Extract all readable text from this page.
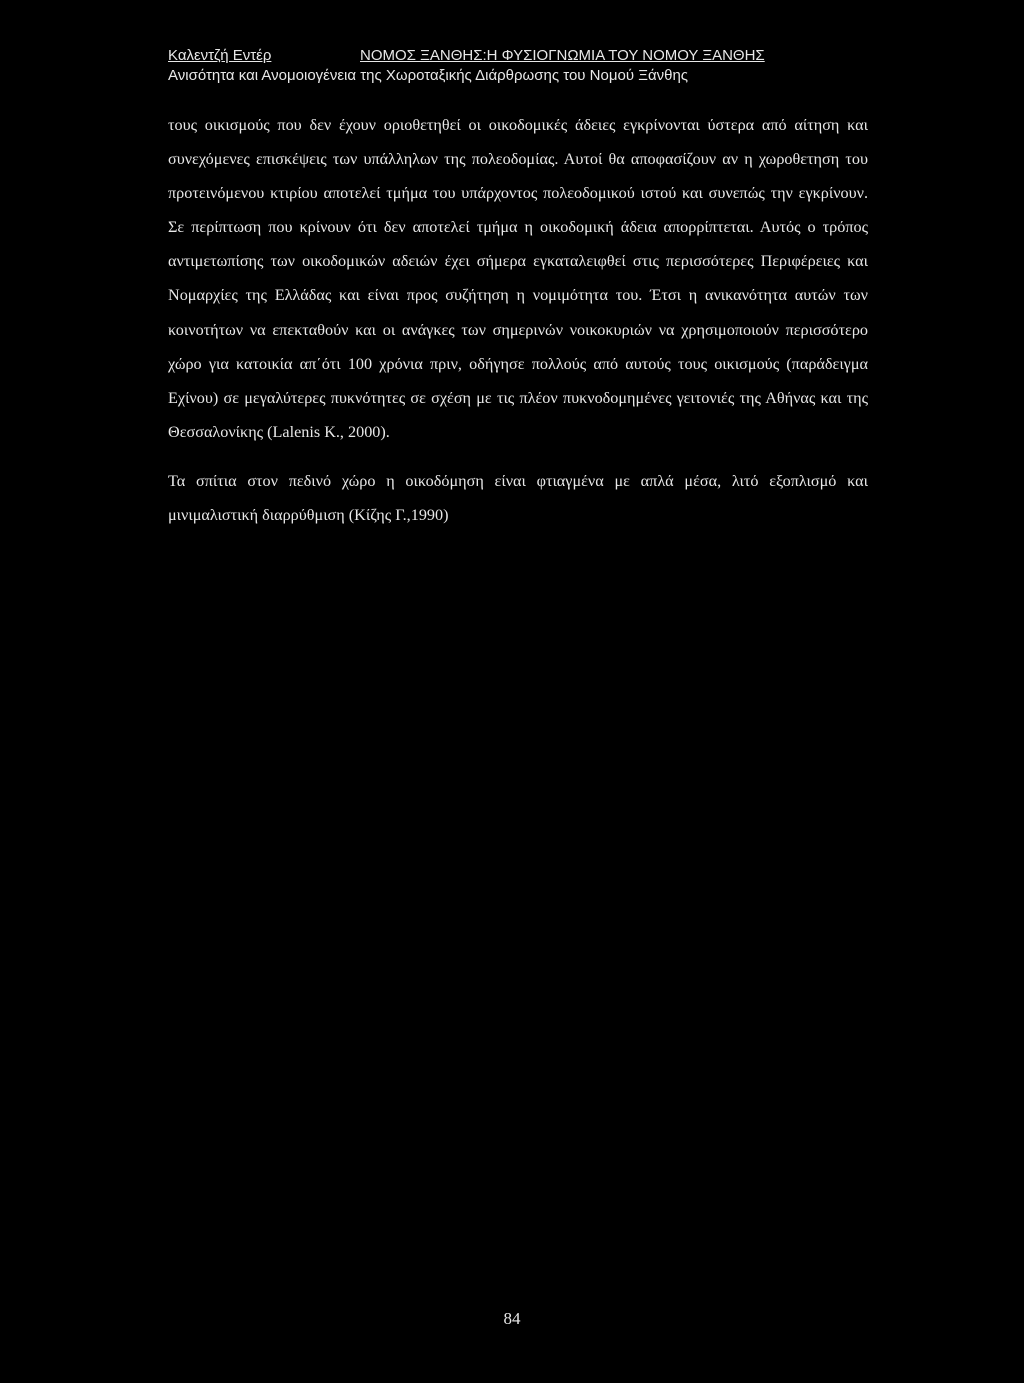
Καλεντζή Εντέρ	ΝΟΜΟΣ ΞΑΝΘΗΣ:Η ΦΥΣΙΟΓΝΩΜΙΑ ΤΟΥ ΝΟΜΟΥ ΞΑΝΘΗΣ
Ανισότητα και Ανομοιογένεια της Χωροταξικής Διάρθρωσης του Νομού Ξάνθης

τους οικισμούς που δεν έχουν οριοθετηθεί οι οικοδομικές άδειες εγκρίνονται ύστερα από αίτηση και συνεχόμενες επισκέψεις των υπάλληλων της πολεοδομίας. Αυτοί θα αποφασίζουν αν η χωροθετηση του προτεινόμενου κτιρίου αποτελεί τμήμα του υπάρχοντος πολεοδομικού ιστού και συνεπώς την εγκρίνουν. Σε περίπτωση που κρίνουν ότι δεν αποτελεί τμήμα η οικοδομική άδεια απορρίπτεται. Αυτός ο τρόπος αντιμετωπίσης των οικοδομικών αδειών έχει σήμερα εγκαταλειφθεί στις περισσότερες Περιφέρειες και Νομαρχίες της Ελλάδας και είναι προς συζήτηση η νομιμότητα του. Έτσι η ανικανότητα αυτών των κοινοτήτων να επεκταθούν και οι ανάγκες των σημερινών νοικοκυριών να χρησιμοποιούν περισσότερο χώρο για κατοικία απ΄ότι 100 χρόνια πριν, οδήγησε πολλούς από αυτούς τους οικισμούς (παράδειγμα Εχίνου) σε μεγαλύτερες πυκνότητες σε σχέση με τις πλέον πυκνοδομημένες γειτονιές της Αθήνας και της Θεσσαλονίκης (Lalenis K., 2000).

Τα σπίτια στον πεδινό χώρο η οικοδόμηση είναι φτιαγμένα με απλά μέσα, λιτό εξοπλισμό και μινιμαλιστική διαρρύθμιση (Κίζης Γ.,1990)

84
